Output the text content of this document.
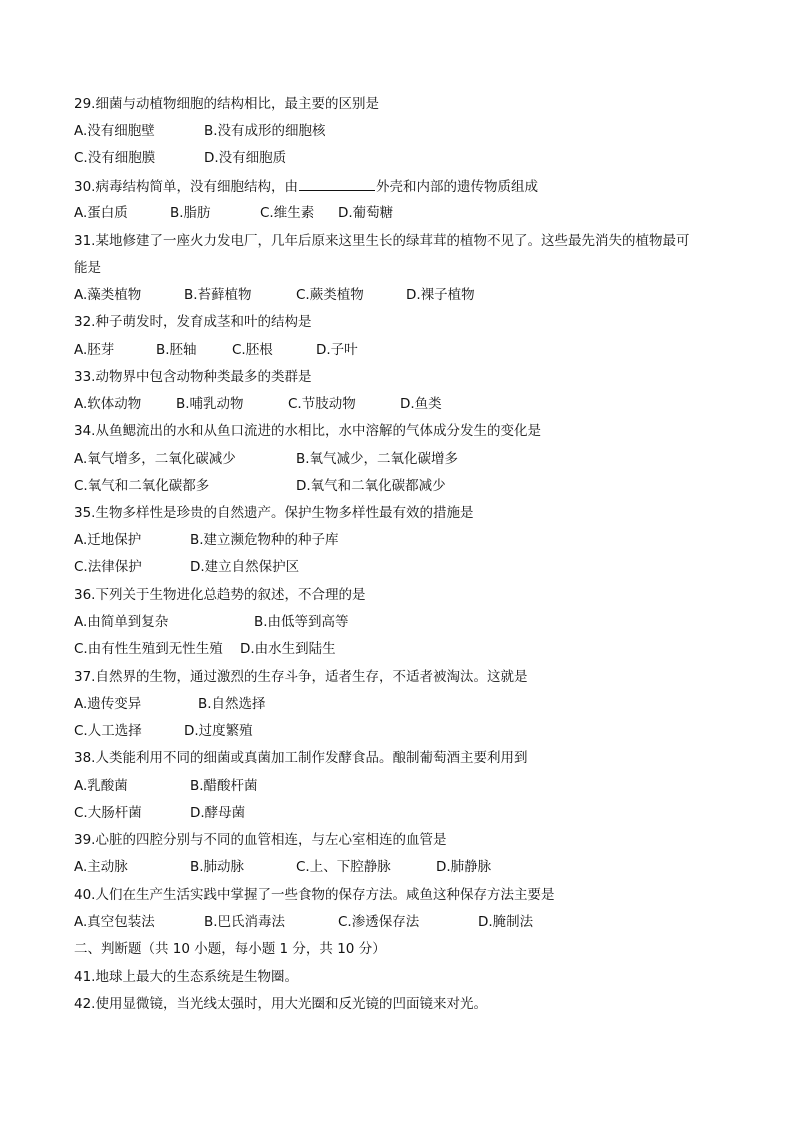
29.细菌与动植物细胞的结构相比，最主要的区别是
A.没有细胞壁	B.没有成形的细胞核
C.没有细胞膜	D.没有细胞质
30.病毒结构简单，没有细胞结构，由	外壳和内部的遗传物质组成
A.蛋白质	B.脂肪	C.维生素 D.葡萄糖
31.某地修建了一座火力发电厂，几年后原来这里生长的绿茸茸的植物不见了。这些最先消失的植物最可
能是
A.藻类植物	B.苔藓植物	C.蕨类植物	D.裸子植物
32.种子萌发时，发育成茎和叶的结构是
A.胚芽	B.胚轴	C.胚根	D.子叶
33.动物界中包含动物种类最多的类群是
A.软体动物	B.哺乳动物	C.节肢动物	D.鱼类
34.从鱼鳃流出的水和从鱼口流进的水相比，水中溶解的气体成分发生的变化是
A.氧气增多，二氧化碳减少	B.氧气减少，二氧化碳增多
C.氧气和二氧化碳都多	D.氧气和二氧化碳都减少
35.生物多样性是珍贵的自然遗产。保护生物多样性最有效的措施是
A.迁地保护	B.建立濒危物种的种子库
C.法律保护	D.建立自然保护区
36.下列关于生物进化总趋势的叙述，不合理的是
A.由简单到复杂	B.由低等到高等
C.由有性生殖到无性生殖 D.由水生到陆生
37.自然界的生物，通过激烈的生存斗争，适者生存，不适者被淘汰。这就是
A.遗传变异	B.自然选择
C.人工选择	D.过度繁殖
38.人类能利用不同的细菌或真菌加工制作发酵食品。酿制葡萄酒主要利用到
A.乳酸菌	B.醋酸杆菌
C.大肠杆菌	D.酵母菌
39.心脏的四腔分别与不同的血管相连，与左心室相连的血管是
A.主动脉	B.肺动脉	C.上、下腔静脉	D.肺静脉
40.人们在生产生活实践中掌握了一些食物的保存方法。咸鱼这种保存方法主要是
A.真空包装法	B.巴氏消毒法	C.渗透保存法	D.腌制法
二、判断题（共 10 小题，每小题 1 分，共 10 分）
41.地球上最大的生态系统是生物圈。
42.使用显微镜，当光线太强时，用大光圈和反光镜的凹面镜来对光。
